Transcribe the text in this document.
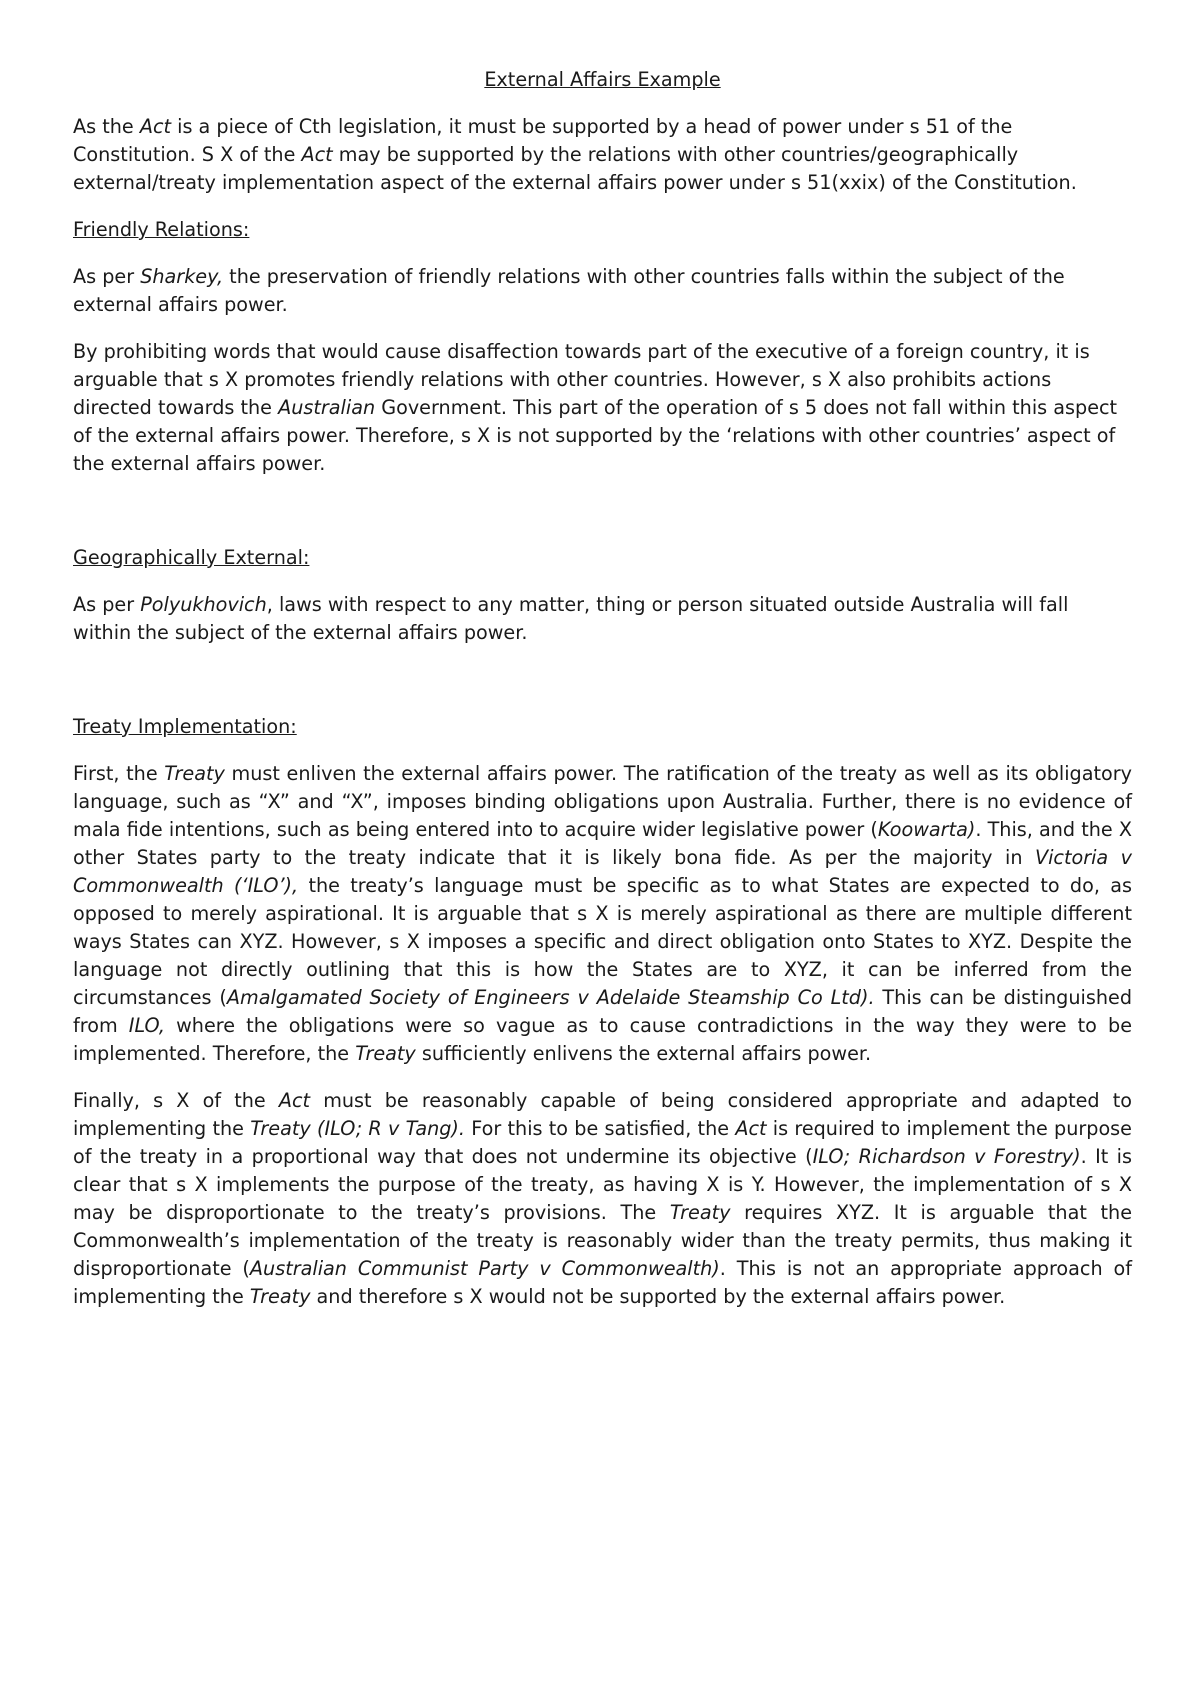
External Affairs Example

As the Act is a piece of Cth legislation, it must be supported by a head of power under s 51 of the Constitution. S X of the Act may be supported by the relations with other countries/geographically external/treaty implementation aspect of the external affairs power under s 51(xxix) of the Constitution.

Friendly Relations:

As per Sharkey, the preservation of friendly relations with other countries falls within the subject of the external affairs power.

By prohibiting words that would cause disaffection towards part of the executive of a foreign country, it is arguable that s X promotes friendly relations with other countries. However, s X also prohibits actions directed towards the Australian Government. This part of the operation of s 5 does not fall within this aspect of the external affairs power. Therefore, s X is not supported by the ‘relations with other countries’ aspect of the external affairs power.

Geographically External:

As per Polyukhovich, laws with respect to any matter, thing or person situated outside Australia will fall within the subject of the external affairs power.

Treaty Implementation:

First, the Treaty must enliven the external affairs power. The ratification of the treaty as well as its obligatory language, such as “X” and “X”, imposes binding obligations upon Australia. Further, there is no evidence of mala fide intentions, such as being entered into to acquire wider legislative power (Koowarta). This, and the X other States party to the treaty indicate that it is likely bona fide. As per the majority in Victoria v Commonwealth (‘ILO’), the treaty’s language must be specific as to what States are expected to do, as opposed to merely aspirational. It is arguable that s X is merely aspirational as there are multiple different ways States can XYZ. However, s X imposes a specific and direct obligation onto States to XYZ. Despite the language not directly outlining that this is how the States are to XYZ, it can be inferred from the circumstances (Amalgamated Society of Engineers v Adelaide Steamship Co Ltd). This can be distinguished from ILO, where the obligations were so vague as to cause contradictions in the way they were to be implemented. Therefore, the Treaty sufficiently enlivens the external affairs power.

Finally, s X of the Act must be reasonably capable of being considered appropriate and adapted to implementing the Treaty (ILO; R v Tang). For this to be satisfied, the Act is required to implement the purpose of the treaty in a proportional way that does not undermine its objective (ILO; Richardson v Forestry). It is clear that s X implements the purpose of the treaty, as having X is Y. However, the implementation of s X may be disproportionate to the treaty’s provisions. The Treaty requires XYZ. It is arguable that the Commonwealth’s implementation of the treaty is reasonably wider than the treaty permits, thus making it disproportionate (Australian Communist Party v Commonwealth). This is not an appropriate approach of implementing the Treaty and therefore s X would not be supported by the external affairs power.
